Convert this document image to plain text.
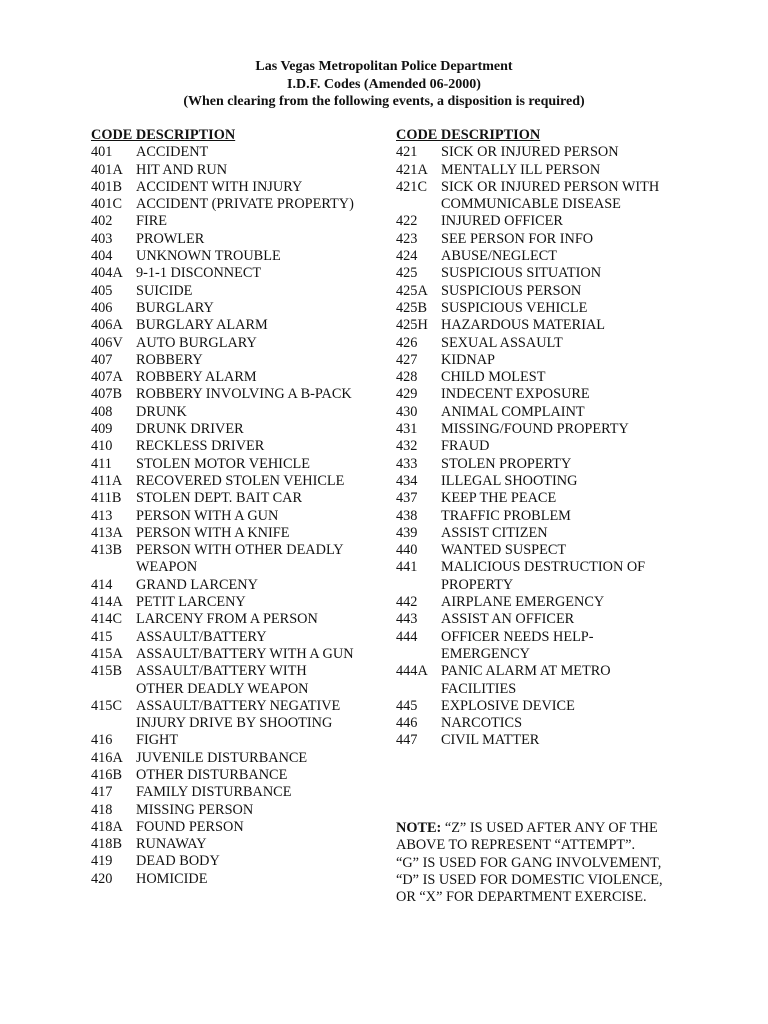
Las Vegas Metropolitan Police Department
I.D.F. Codes (Amended 06-2000)
(When clearing from the following events, a disposition is required)
CODE DESCRIPTION
401	ACCIDENT
401A HIT AND RUN
401B ACCIDENT WITH INJURY
401C ACCIDENT (PRIVATE PROPERTY)
402	FIRE
403	PROWLER
404	UNKNOWN TROUBLE
404A 9-1-1 DISCONNECT
405	SUICIDE
406	BURGLARY
406A BURGLARY ALARM
406V AUTO BURGLARY
407	ROBBERY
407A ROBBERY ALARM
407B ROBBERY INVOLVING A B-PACK
408	DRUNK
409	DRUNK DRIVER
410	RECKLESS DRIVER
411	STOLEN MOTOR VEHICLE
411A RECOVERED STOLEN VEHICLE
411B	STOLEN DEPT. BAIT CAR
413	PERSON WITH A GUN
413A PERSON WITH A KNIFE
413B PERSON WITH OTHER DEADLY
WEAPON
414	GRAND LARCENY
414A PETIT LARCENY
414C LARCENY FROM A PERSON
415	ASSAULT/BATTERY
415A ASSAULT/BATTERY WITH A GUN
415B ASSAULT/BATTERY WITH
OTHER DEADLY WEAPON
415C ASSAULT/BATTERY NEGATIVE
INJURY DRIVE BY SHOOTING
416	FIGHT
416A JUVENILE DISTURBANCE
416B OTHER DISTURBANCE
417	FAMILY DISTURBANCE
418	MISSING PERSON
418A FOUND PERSON
418B RUNAWAY
419	DEAD BODY
420	HOMICIDE
CODE DESCRIPTION
421	SICK OR INJURED PERSON
421A MENTALLY ILL PERSON
421C SICK OR INJURED PERSON WITH
COMMUNICABLE DISEASE
422	INJURED OFFICER
423	SEE PERSON FOR INFO
424	ABUSE/NEGLECT
425	SUSPICIOUS SITUATION
425A SUSPICIOUS PERSON
425B SUSPICIOUS VEHICLE
425H HAZARDOUS MATERIAL
426	SEXUAL ASSAULT
427	KIDNAP
428	CHILD MOLEST
429	INDECENT EXPOSURE
430	ANIMAL COMPLAINT
431	MISSING/FOUND PROPERTY
432	FRAUD
433	STOLEN PROPERTY
434	ILLEGAL SHOOTING
437	KEEP THE PEACE
438	TRAFFIC PROBLEM
439	ASSIST CITIZEN
440	WANTED SUSPECT
441	MALICIOUS DESTRUCTION OF
PROPERTY
442	AIRPLANE EMERGENCY
443	ASSIST AN OFFICER
444	OFFICER NEEDS HELP-
EMERGENCY
444A PANIC ALARM AT METRO
FACILITIES
445	EXPLOSIVE DEVICE
446	NARCOTICS
447	CIVIL MATTER
NOTE: “Z” IS USED AFTER ANY OF THE
ABOVE TO REPRESENT “ATTEMPT”.
“G” IS USED FOR GANG INVOLVEMENT,
“D” IS USED FOR DOMESTIC VIOLENCE,
OR “X” FOR DEPARTMENT EXERCISE.
